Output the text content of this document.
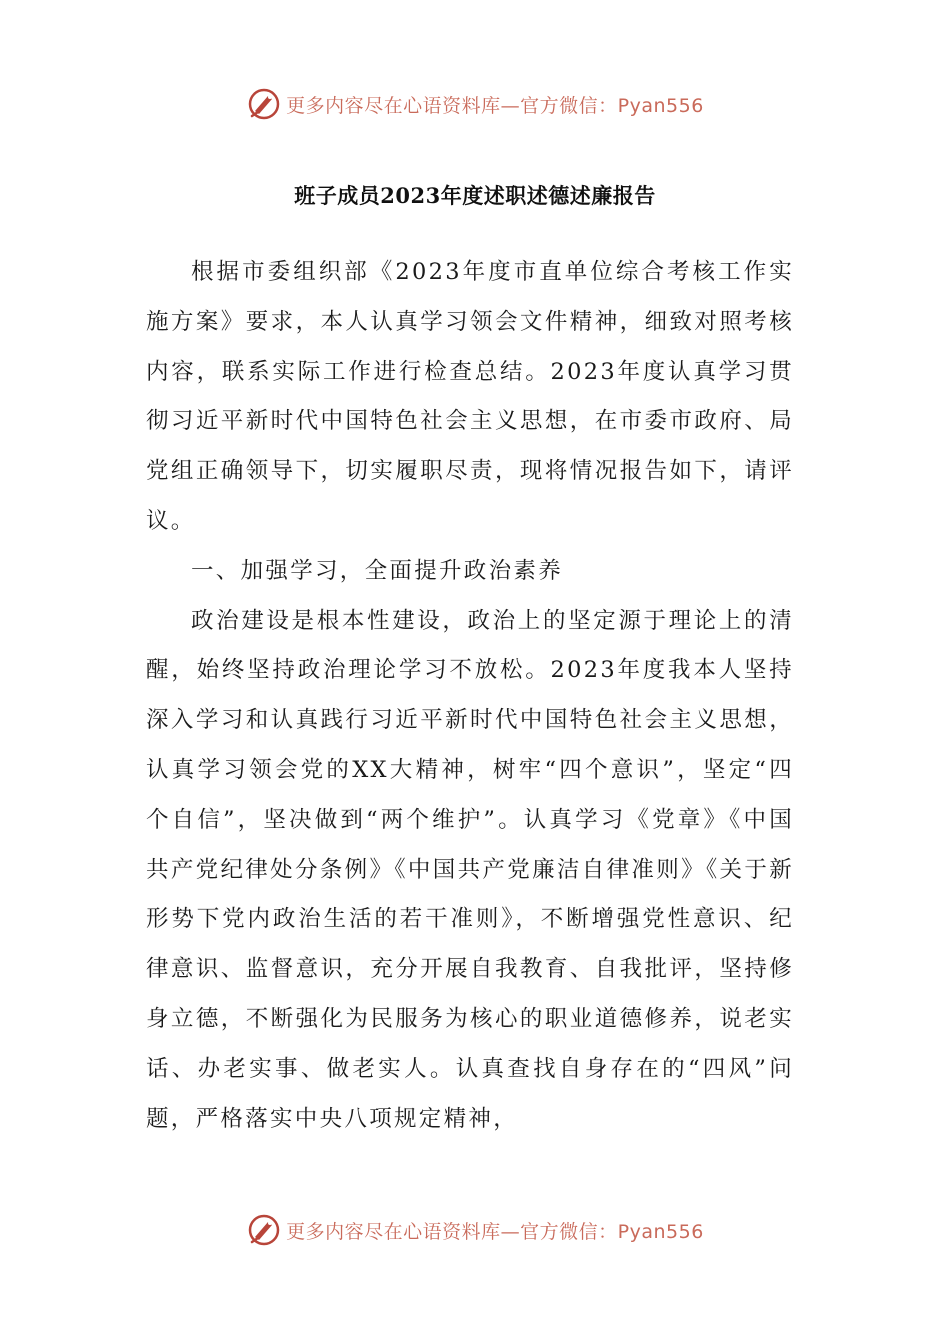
更多内容尽在心语资料库—官方微信：Pyan556
班子成员2023年度述职述德述廉报告

根据市委组织部《2023年度市直单位综合考核工作实施方案》要求，本人认真学习领会文件精神，细致对照考核内容，联系实际工作进行检查总结。2023年度认真学习贯彻习近平新时代中国特色社会主义思想，在市委市政府、局党组正确领导下，切实履职尽责，现将情况报告如下，请评议。

一、加强学习，全面提升政治素养

政治建设是根本性建设，政治上的坚定源于理论上的清醒，始终坚持政治理论学习不放松。2023年度我本人坚持深入学习和认真践行习近平新时代中国特色社会主义思想，认真学习领会党的XX大精神，树牢“四个意识”，坚定“四个自信”，坚决做到“两个维护”。认真学习《党章》《中国共产党纪律处分条例》《中国共产党廉洁自律准则》《关于新形势下党内政治生活的若干准则》，不断增强党性意识、纪律意识、监督意识，充分开展自我教育、自我批评，坚持修身立德，不断强化为民服务为核心的职业道德修养，说老实话、办老实事、做老实人。认真查找自身存在的“四风”问题，严格落实中央八项规定精神，

更多内容尽在心语资料库—官方微信：Pyan556
